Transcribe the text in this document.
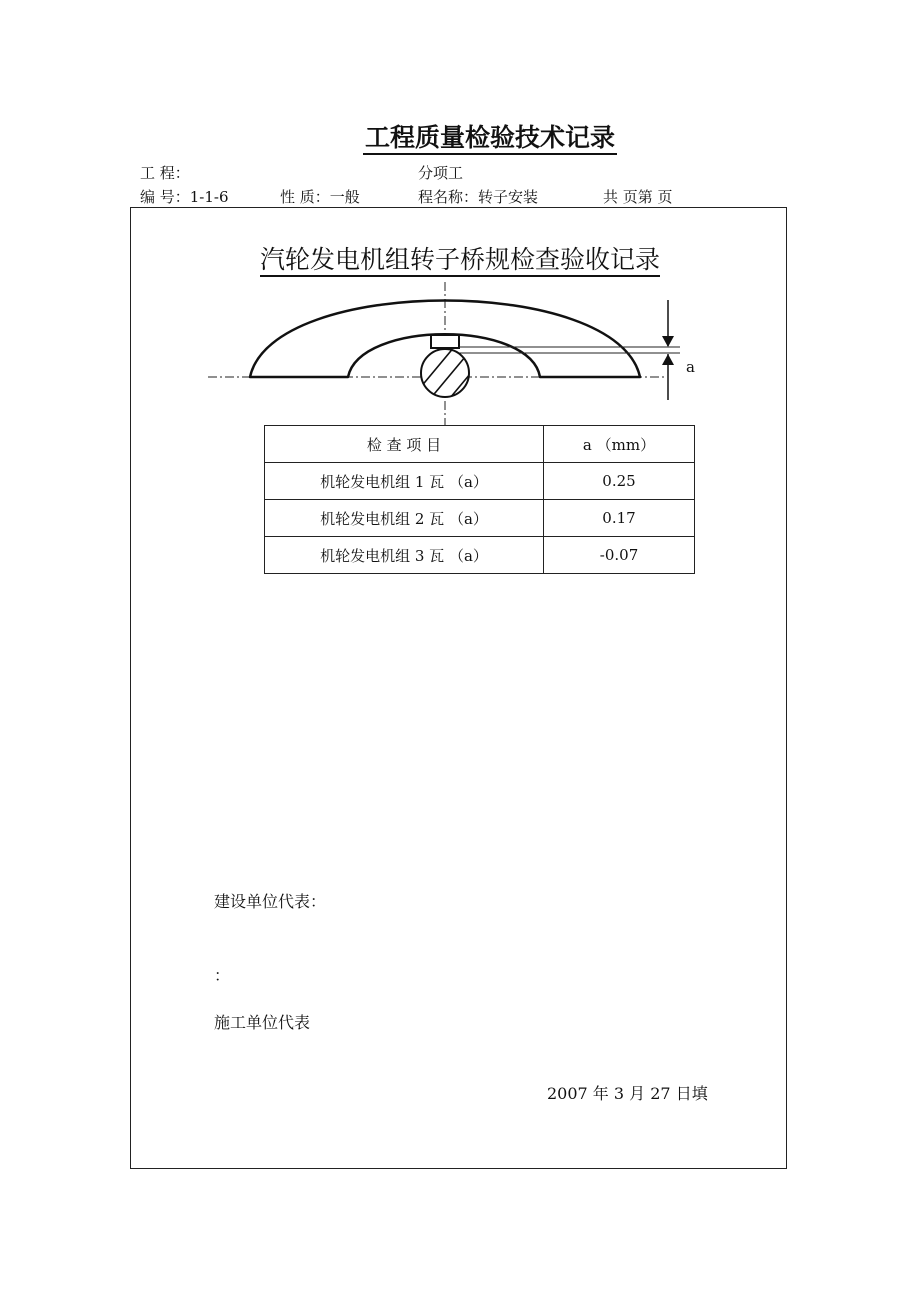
工程质量检验技术记录
工 程：	分项工
编 号：1-1-6	性 质：一般	程名称：转子安装	共 页第 页
汽轮发电机组转子桥规检查验收记录
a
检 查 项 目	a （mm）
机轮发电机组 1 瓦 （a）	0.25
机轮发电机组 2 瓦 （a）	0.17
机轮发电机组 3 瓦 （a）	-0.07
建设单位代表：
：
施工单位代表
2007 年 3 月 27 日填
